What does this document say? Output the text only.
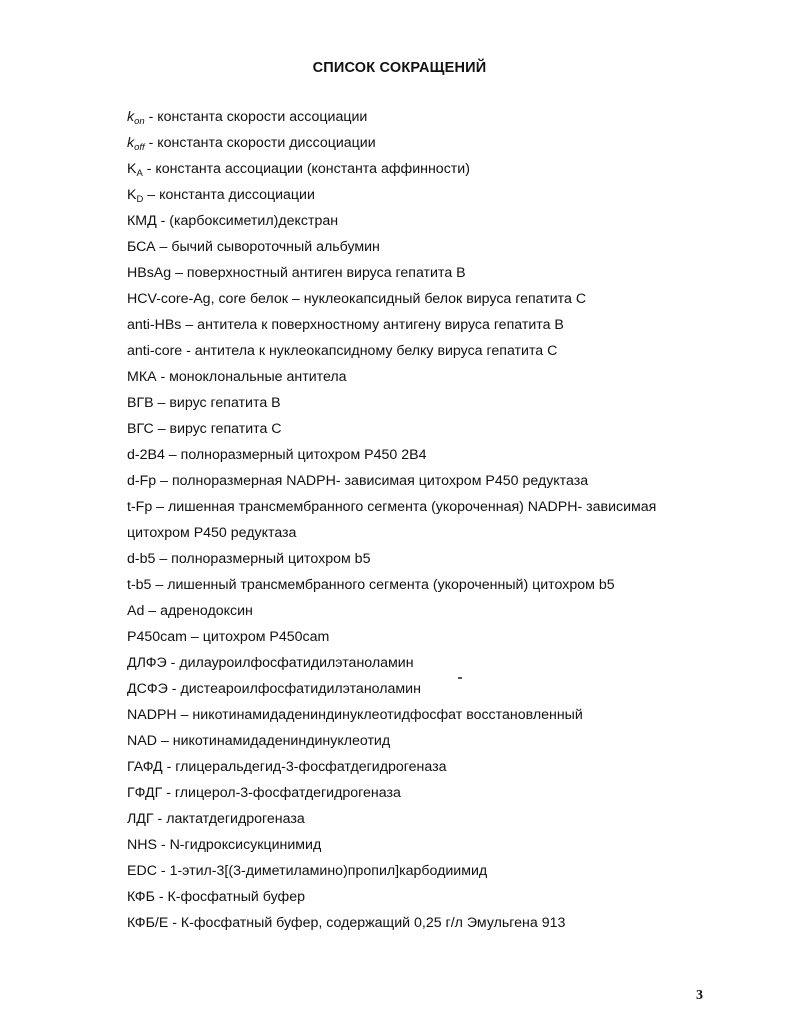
СПИСОК СОКРАЩЕНИЙ
$k_{on}$ - константа скорости ассоциации
$k_{off}$ - константа скорости диссоциации
$K_A$ - константа ассоциации (константа аффинности)
$K_D$ – константа диссоциации
КМД - (карбоксиметил)декстран
БСА – бычий сывороточный альбумин
HBsAg – поверхностный антиген вируса гепатита В
HCV-core-Ag, core белок – нуклеокапсидный белок вируса гепатита С
anti-HBs – антитела к поверхностному антигену вируса гепатита В
anti-core - антитела к нуклеокапсидному белку вируса гепатита С
МКА - моноклональные антитела
ВГВ – вирус гепатита В
ВГС – вирус гепатита С
d-2B4 – полноразмерный цитохром Р450 2В4
d-Fp – полноразмерная NADPH- зависимая цитохром Р450 редуктаза
t-Fp – лишенная трансмембранного сегмента (укороченная) NADPH- зависимая
цитохром Р450 редуктаза
d-b5 – полноразмерный цитохром b5
t-b5 – лишенный трансмембранного сегмента (укороченный) цитохром b5
Ad – адренодоксин
P450cam – цитохром Р450cam
ДЛФЭ - дилауроилфосфатидилэтаноламин
ДСФЭ - дистеароилфосфатидилэтаноламин
NADPH – никотинамидадениндинуклеотидфосфат восстановленный
NAD – никотинамидадениндинуклеотид
ГАФД - глицеральдегид-3-фосфатдегидрогеназа
ГФДГ - глицерол-3-фосфатдегидрогеназа
ЛДГ - лактатдегидрогеназа
NHS - N-гидроксисукцинимид
EDC - 1-этил-3[(3-диметиламино)пропил]карбодиимид
КФБ - К-фосфатный буфер
КФБ/Е - К-фосфатный буфер, содержащий 0,25 г/л Эмульгена 913
3
